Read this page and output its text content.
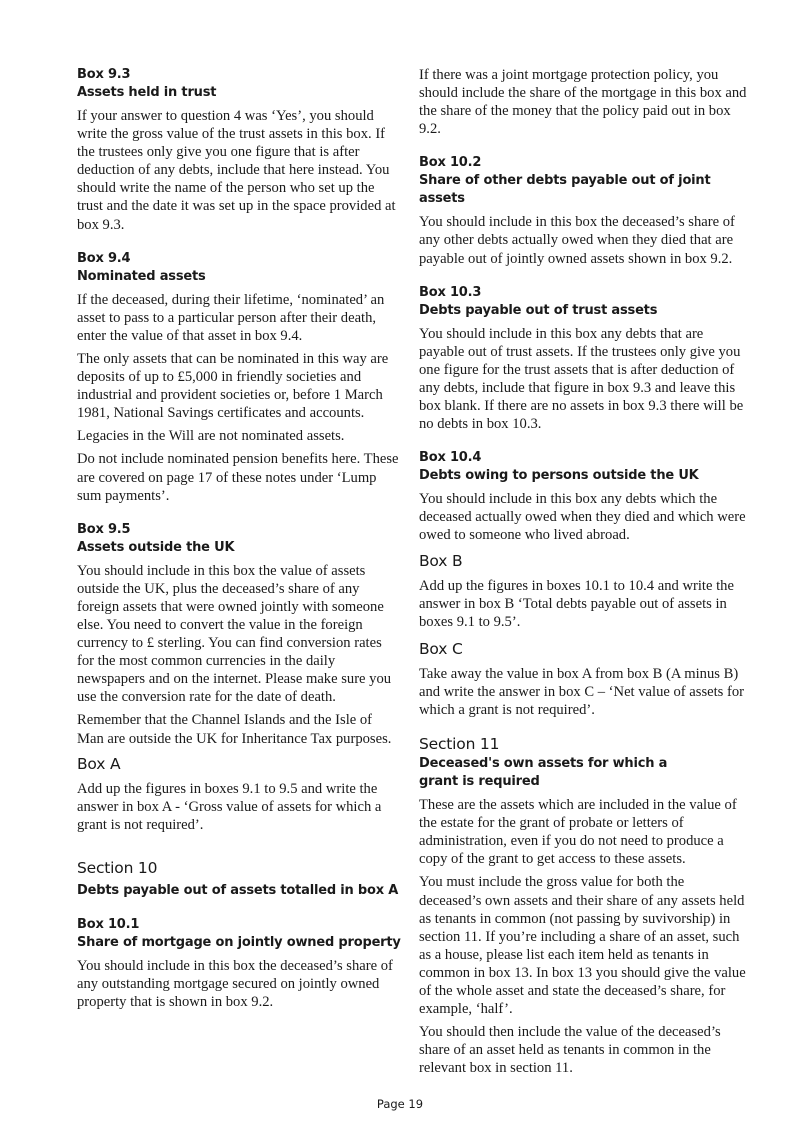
Box 9.3

Assets held in trust

If your answer to question 4 was ‘Yes’, you should write the gross value of the trust assets in this box. If the trustees only give you one figure that is after deduction of any debts, include that here instead. You should write the name of the person who set up the trust and the date it was set up in the space provided at box 9.3.

Box 9.4

Nominated assets

If the deceased, during their lifetime, ‘nominated’ an asset to pass to a particular person after their death, enter the value of that asset in box 9.4.

The only assets that can be nominated in this way are deposits of up to £5,000 in friendly societies and industrial and provident societies or, before 1 March 1981, National Savings certificates and accounts.

Legacies in the Will are not nominated assets.

Do not include nominated pension benefits here. These are covered on page 17 of these notes under ‘Lump sum payments’.

Box 9.5

Assets outside the UK

You should include in this box the value of assets outside the UK, plus the deceased’s share of any foreign assets that were owned jointly with someone else. You need to convert the value in the foreign currency to £ sterling. You can find conversion rates for the most common currencies in the daily newspapers and on the internet. Please make sure you use the conversion rate for the date of death.

Remember that the Channel Islands and the Isle of Man are outside the UK for Inheritance Tax purposes.

Box A

Add up the figures in boxes 9.1 to 9.5 and write the answer in box A - ‘Gross value of assets for which a grant is not required’.

Section 10

Debts payable out of assets totalled in box A

Box 10.1

Share of mortgage on jointly owned property

You should include in this box the deceased’s share of any outstanding mortgage secured on jointly owned property that is shown in box 9.2.

If there was a joint mortgage protection policy, you should include the share of the mortgage in this box and the share of the money that the policy paid out in box 9.2.

Box 10.2

Share of other debts payable out of joint assets

You should include in this box the deceased’s share of any other debts actually owed when they died that are payable out of jointly owned assets shown in box 9.2.

Box 10.3

Debts payable out of trust assets

You should include in this box any debts that are payable out of trust assets. If the trustees only give you one figure for the trust assets that is after deduction of any debts, include that figure in box 9.3 and leave this box blank. If there are no assets in box 9.3 there will be no debts in box 10.3.

Box 10.4

Debts owing to persons outside the UK

You should include in this box any debts which the deceased actually owed when they died and which were owed to someone who lived abroad.

Box B

Add up the figures in boxes 10.1 to 10.4 and write the answer in box B ‘Total debts payable out of assets in boxes 9.1 to 9.5’.

Box C

Take away the value in box A from box B (A minus B) and write the answer in box C – ‘Net value of assets for which a grant is not required’.

Section 11

Deceased's own assets for which a grant is required

These are the assets which are included in the value of the estate for the grant of probate or letters of administration, even if you do not need to produce a copy of the grant to get access to these assets.

You must include the gross value for both the deceased’s own assets and their share of any assets held as tenants in common (not passing by suvivorship) in section 11. If you’re including a share of an asset, such as a house, please list each item held as tenants in common in box 13. In box 13 you should give the value of the whole asset and state the deceased’s share, for example, ‘half’.

You should then include the value of the deceased’s share of an asset held as tenants in common in the relevant box in section 11.

Page 19
